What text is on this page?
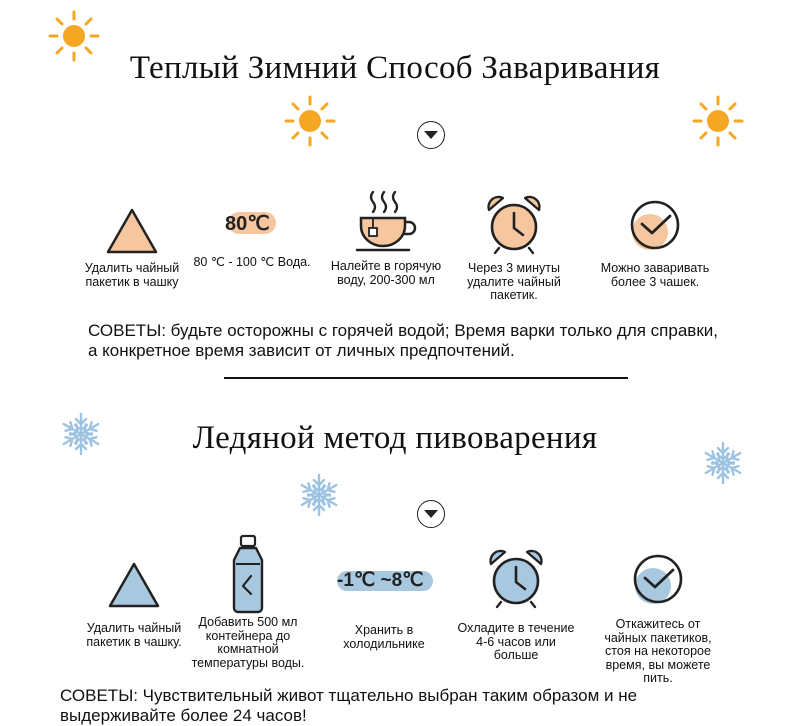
Теплый Зимний Способ Заваривания
Удалить чайный пакетик в чашку
80℃
80 ℃ - 100 ℃ Вода.	Налейте в горячую воду, 200-300 мл
Через 3 минуты удалите чайный пакетик.
Можно заваривать более 3 чашек.
СОВЕТЫ: будьте осторожны с горячей водой; Время варки только для справки, а конкретное время зависит от личных предпочтений.
Ледяной метод пивоварения
Удалить чайный пакетик в чашку.
Добавить 500 мл контейнера до комнатной температуры воды.
-1℃ ~8℃
Хранить в холодильнике
Охладите в течение 4-6 часов или больше
Откажитесь от чайных пакетиков, стоя на некоторое время, вы можете пить.
СОВЕТЫ: Чувствительный живот тщательно выбран таким образом и не выдерживайте более 24 часов!
